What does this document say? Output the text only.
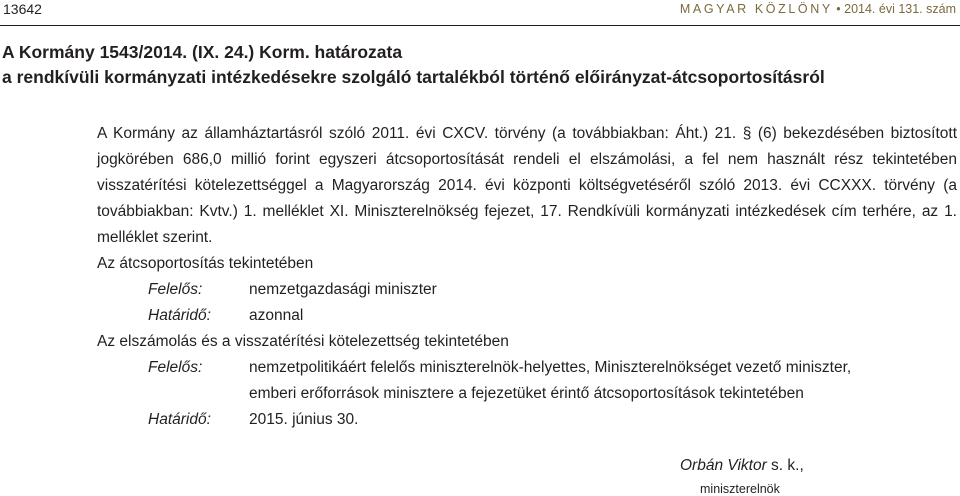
13642	MAGYAR KÖZLÖNY • 2014. évi 131. szám
A Kormány 1543/2014. (IX. 24.) Korm. határozata
a rendkívüli kormányzati intézkedésekre szolgáló tartalékból történő előirányzat-átcsoportosításról

A Kormány az államháztartásról szóló 2011. évi CXCV. törvény (a továbbiakban: Áht.) 21. § (6) bekezdésében biztosított jogkörében 686,0 millió forint egyszeri átcsoportosítását rendeli el elszámolási, a fel nem használt rész tekintetében visszatérítési kötelezettséggel a Magyarország 2014. évi központi költségvetéséről szóló 2013. évi CCXXX. törvény (a továbbiakban: Kvtv.) 1. melléklet XI. Miniszterelnökség fejezet, 17. Rendkívüli kormányzati intézkedések cím terhére, az 1. melléklet szerint.

Az átcsoportosítás tekintetében
Felelős:	nemzetgazdasági miniszter
Határidő: azonnal
Az elszámolás és a visszatérítési kötelezettség tekintetében
Felelős:	nemzetpolitikáért felelős miniszterelnök-helyettes, Miniszterelnökséget vezető miniszter,
emberi erőforrások minisztere a fejezetüket érintő átcsoportosítások tekintetében
Határidő: 2015. június 30.
Orbán Viktor s. k.,
miniszterelnök
